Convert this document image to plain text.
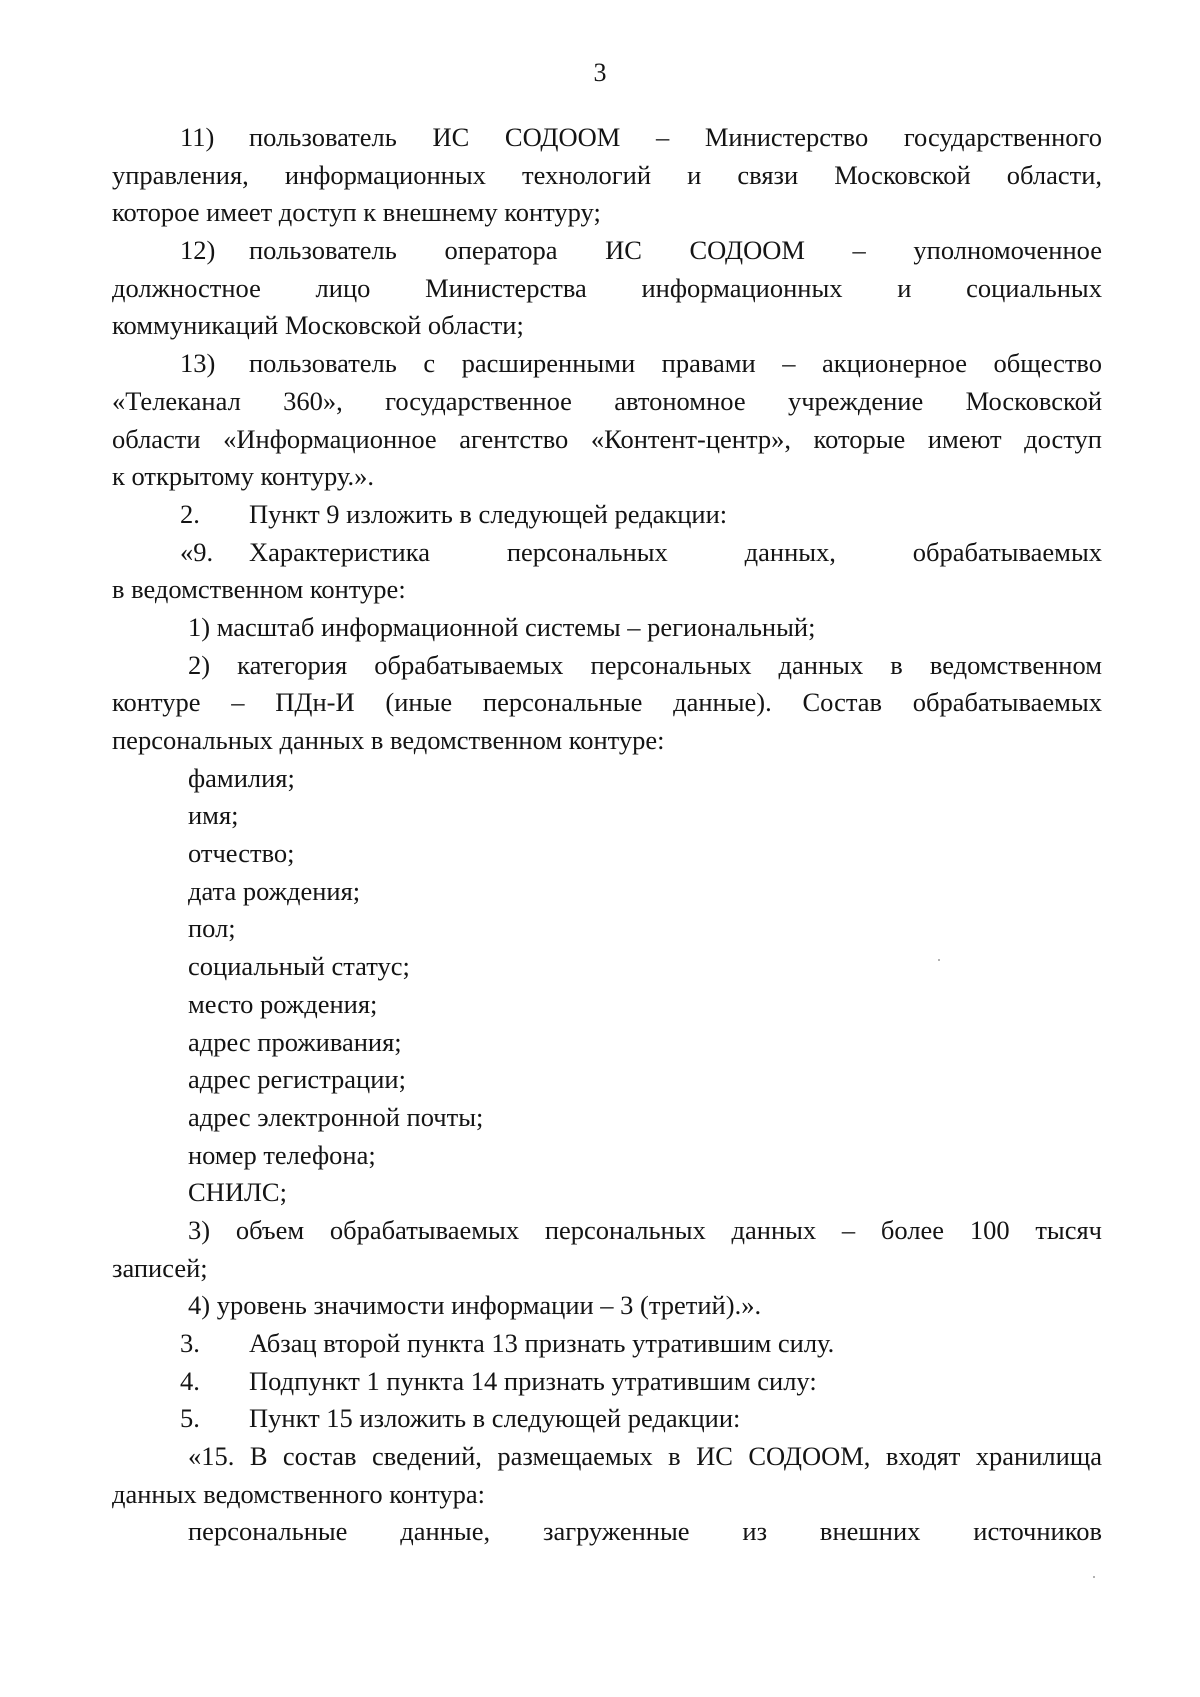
3
11) пользователь ИС СОДООМ – Министерство государственного
управления, информационных технологий и связи Московской области,
которое имеет доступ к внешнему контуру;
12) пользователь оператора ИС СОДООМ – уполномоченное
должностное лицо Министерства информационных и социальных
коммуникаций Московской области;
13) пользователь с расширенными правами – акционерное общество
«Телеканал 360», государственное автономное учреждение Московской
области «Информационное агентство «Контент-центр», которые имеют доступ
к открытому контуру.».
2. Пункт 9 изложить в следующей редакции:
«9. Характеристика персональных данных, обрабатываемых
в ведомственном контуре:
1) масштаб информационной системы – региональный;
2) категория обрабатываемых персональных данных в ведомственном
контуре – ПДн-И (иные персональные данные). Состав обрабатываемых
персональных данных в ведомственном контуре:
фамилия;
имя;
отчество;
дата рождения;
пол;
социальный статус;
место рождения;
адрес проживания;
адрес регистрации;
адрес электронной почты;
номер телефона;
СНИЛС;
3) объем обрабатываемых персональных данных – более 100 тысяч
записей;
4) уровень значимости информации – 3 (третий).».
3. Абзац второй пункта 13 признать утратившим силу.
4. Подпункт 1 пункта 14 признать утратившим силу:
5. Пункт 15 изложить в следующей редакции:
«15. В состав сведений, размещаемых в ИС СОДООМ, входят хранилища
данных ведомственного контура:
персональные данные, загруженные из внешних источников
